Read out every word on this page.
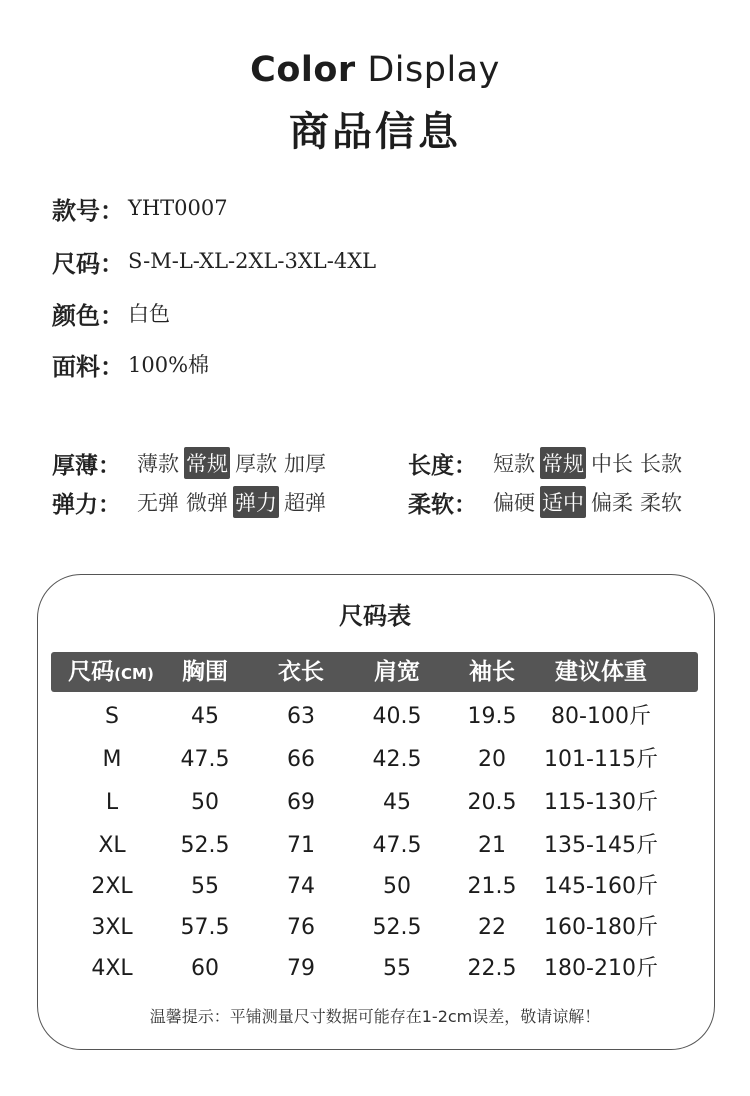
Color Display
商品信息
款号： YHT0007
尺码： S-M-L-XL-2XL-3XL-4XL
颜色： 白色
面料： 100%棉
厚薄： 薄款 常规 厚款 加厚	长度： 短款 常规 中长 长款
弹力： 无弹 微弹 弹力 超弹	柔软： 偏硬 适中 偏柔 柔软
尺码表
尺码(CM)	胸围	衣长	肩宽	袖长	建议体重
S	45	63	40.5	19.5	80-100斤
M	47.5	66	42.5	20	101-115斤
L	50	69	45	20.5	115-130斤
XL	52.5	71	47.5	21	135-145斤
2XL	55	74	50	21.5	145-160斤
3XL	57.5	76	52.5	22	160-180斤
4XL	60	79	55	22.5	180-210斤
温馨提示：平铺测量尺寸数据可能存在1-2cm误差，敬请谅解！
